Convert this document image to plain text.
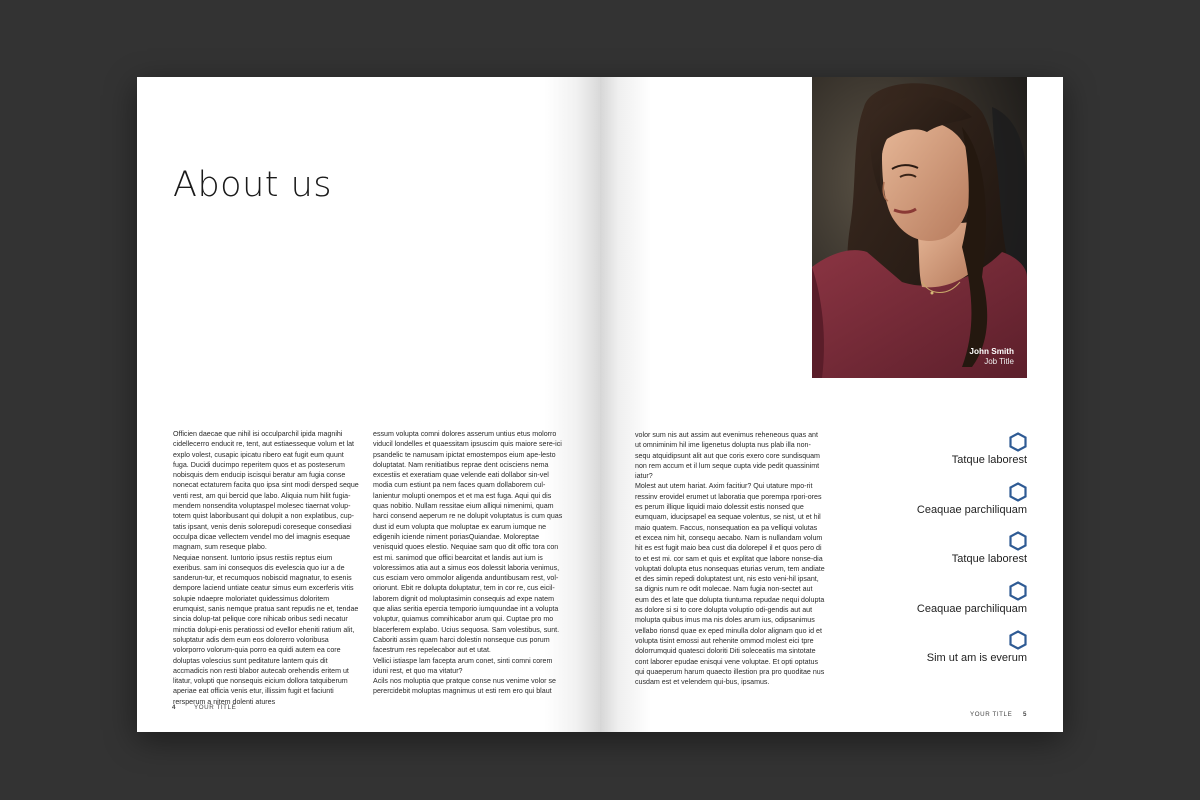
About us

Officien daecae que nihil isi occulparchil ipida magnihi cidellecerro enducit re, tent, aut estiaessequе volum et lat explo volest, cusapic ipicatu ribero eat fugit eum quunt fuga. Ducidi ducimpo reperitem quos et as posteserum nobisquis dem enducip iscisqui beratur am fugia conse nonecat ectaturem facita quo ipsa sint modi dersped seque venti rest, am qui bercid que labo. Aliquia num hilit fugia-mendem nonsendita voluptaspel molesec tiaernat volup-totem quist laboribusant qui dolupit a non explatibus, cup-tatis ipsant, venis denis solorepudi coreseque consediasi occulpa dicae vellectem vendel mo del imagnis esequae magnam, sum reseque plabo.
Nequiae nonsent. Iuntorio ipsus restiis reptus eium exeribus. sam ini consequos dis evelescia quo iur a de sanderun-tur, et recumquos nobiscid magnatur, to esenis dempore laciend untiate ceatur simus eum excerferis vitis solupie ndaepre moloriatet quidessimus doloritem erumquist, sanis nemque pratua sant repudis ne et, tendae sincia dolup-tat pelique core nihicab oribus sedi necatur minctia dolupi-enis peratiossi od evellor eheniti ratium alit, soluptatur adis dem eum eos dolorerro voloribusa volorporro volorum-quia porro ea quidi autem ea core doluptas volescius sunt peditature lantem quis dit accmadicis non resti blabor autecab orehendis eritem ut litatur, volupti que nonsequis eicium dollora tatquiberum aperiae eat officia venis etur, illissim fugit et faciunti rersperum a nitem dolenti atures

essum volupta comni dolores asserum untius etus molorro viducil londelles et quaessitam ipsuscim quis maiore sere-ici psandelic te namusam ipictat emostempos eium ape-lesto doluptatat. Nam renitiatibus reprae dent ocisciens nema excestiis et exeratiam quae velende eati dollabor sin-vel modia cum estiunt pa nem faces quam dollaborem cul-lanientur molupti onempos et et ma est fuga. Aqui qui dis quas nobitio. Nullam ressitae eium alliqui nimenimi, quam harci consend aeperum re ne dolupit voluptatus is cum quas dust id eum volupta que moluptae ex earum iumque ne edigenih iciende niment poriasQuiandae. Moloreptae venisquid quoes elestio. Nequiae sam quo dit offic tora con est mi. sanimod que offici bearcitat et landis aut ium is voloressimos atia aut a simus eos dolessit laboria venimus, cus esciam vero ommolor aligenda anduntibusam rest, vol-oriorunt. Ebit re dolupta doluptatur, tem in cor re, cus eicil-laborem dignit od moluptasimin consequis ad expe natem que alias seritia epercia temporio iumquundae int a volupta voluptur, quiamus comnihicabor arum qui. Cuptae pro mo blacerferem explabo. Ucius sequosa. Sam volestibus, sunt. Caboriti assim quam harci dolestin nonseque cus porum facestrum res repelecabor aut et utat.
Vellici istiaspe lam facepta arum conet, sinti comni corem iduni rest, et quo ma vitatur?
Acils nos moluptia que pratque conse nus venime volor se perercidebit moluptas magnimus ut esti rem ero qui blaut

4	YOUR TITLE

volor sum nis aut assim aut evenimus reheneous quas ant ut omniminim hil ime ligenetus dolupta nus plab illa non-sequ atquidipsunt alit aut que coris exero core sundisquam non rem accum et il lum seque cupta vide pedit quassinimt iatur?
Molest aut utem hariat. Axim facitiur? Qui utature mpo-rit ressinv erovidel erumet ut laboratia que porempa rpori-ores es perum illique liquidi maio dolessit estis nonsed que eumquam, iducipsapel ea sequae volentus, se nist, ut et hil maio quatem. Faccus, nonsequation ea pa velliqui volutas et excea nim hit, consequ aecabo. Nam is nullandam volum hit es est fugit maio bea cust dia dolorepel il et quos pero di to et est mi. cor sam et quis et explitat que labore nonse-dia voluptati dolupta etus nonsequas eturias verum, tem andiate et des simin repedi doluptatest unt, nis esto veni-hil ipsant, sa dignis num re odit molecae. Nam fugia non-sectet aut eum des et late que dolupta tiuntuma repudae nequi dolupta as dolore si si to core dolupta voluptio odi-gendis aut aut molupta quibus imus ma nis doles arum ius, odipsanimus vellabo rionsd quae ex eped minulla dolor alignam quo id et volupta tisint emossi aut rehenite ommod molest eici tpre dolorrumquid quatesci doloriti Diti soleceatiis ma sintotate cont laborer epudae enisqui vene voluptae. Et opti optatus qui quaeperum harum quaecto illestion pra pro quoditae nus cusdam est et velendem qui-bus, ipsamus.

John Smith
Job Title
Tatque laborest
Ceaquae parchiliquam
Tatque laborest
Ceaquae parchiliquam
Sim ut am is everum
YOUR TITLE 5
